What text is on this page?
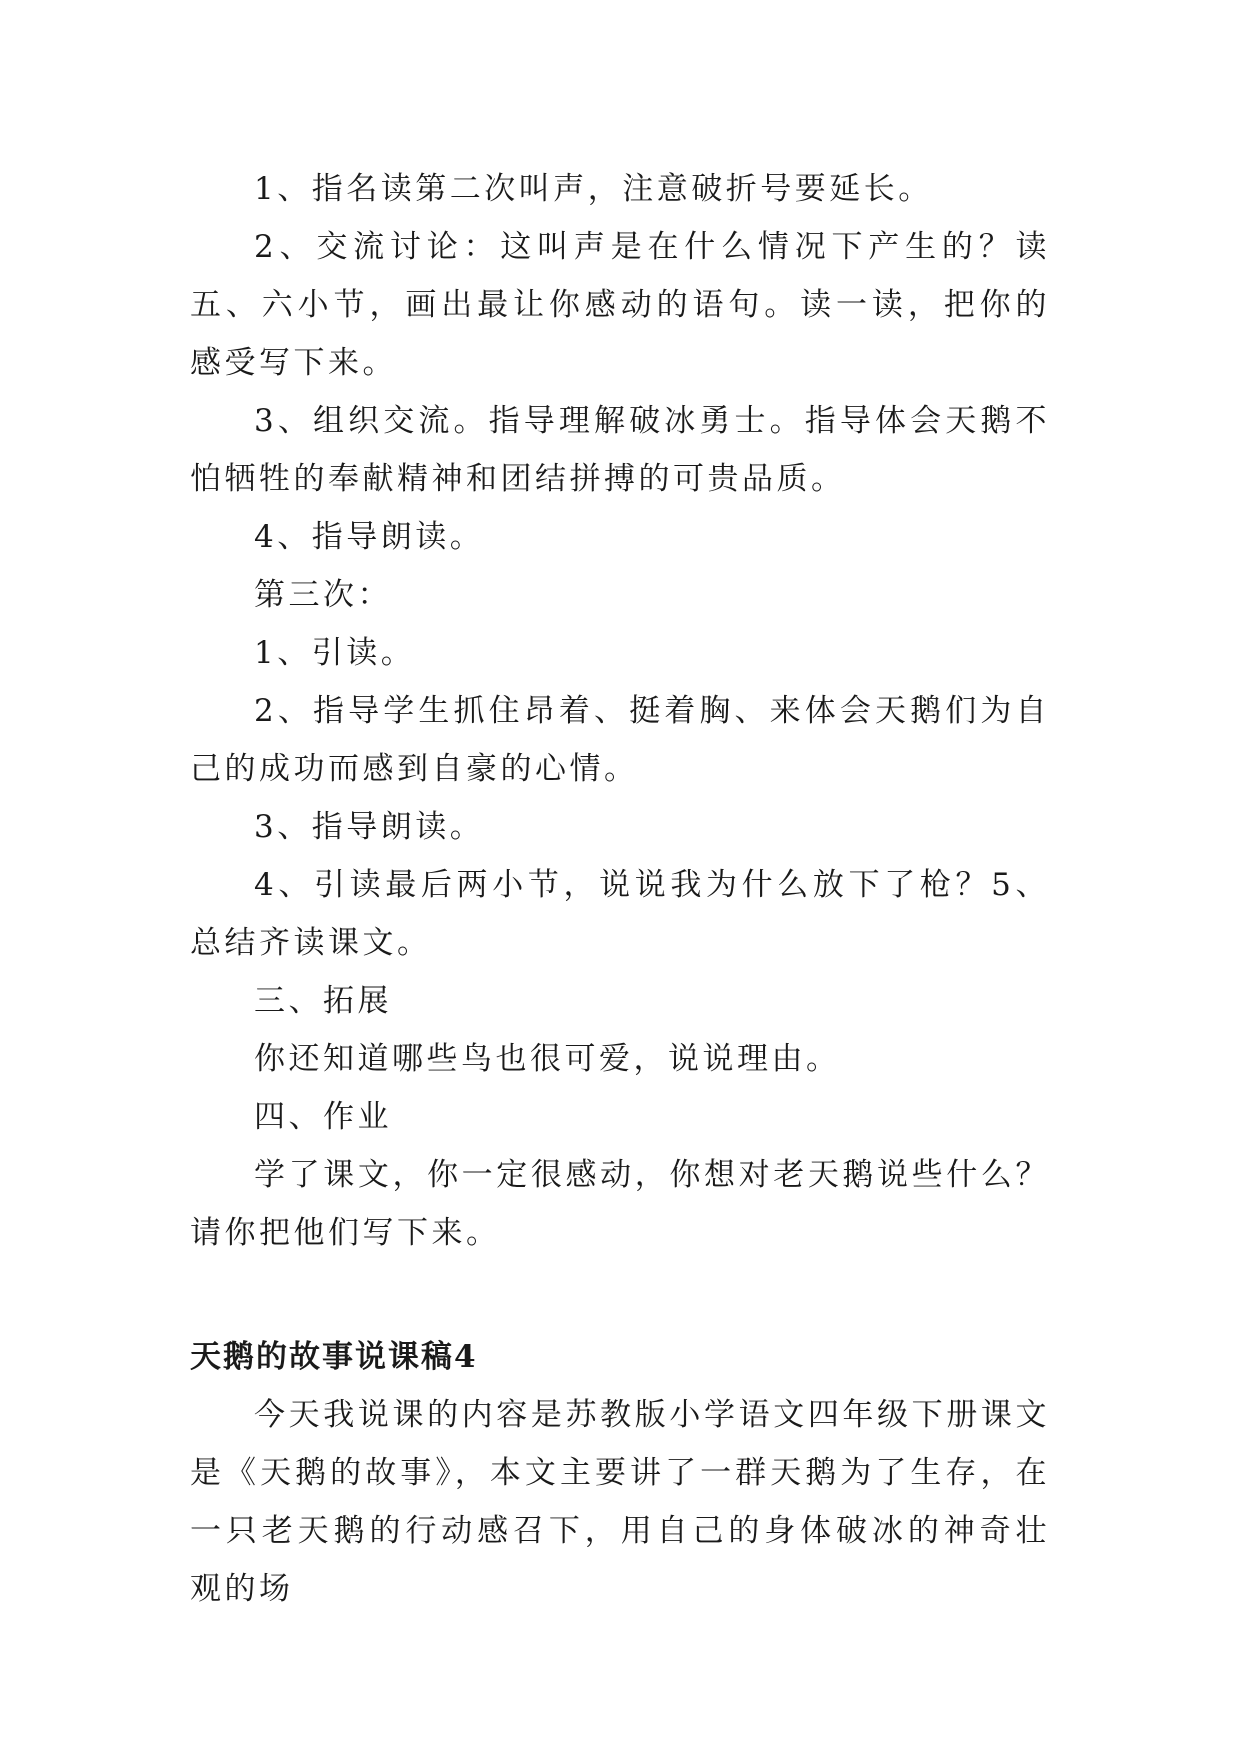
1、指名读第二次叫声，注意破折号要延长。

2、交流讨论：这叫声是在什么情况下产生的？读五、六小节，画出最让你感动的语句。读一读，把你的感受写下来。

3、组织交流。指导理解破冰勇士。指导体会天鹅不怕牺牲的奉献精神和团结拼搏的可贵品质。

4、指导朗读。

第三次：

1、引读。

2、指导学生抓住昂着、挺着胸、来体会天鹅们为自己的成功而感到自豪的心情。

3、指导朗读。

4、引读最后两小节，说说我为什么放下了枪？5、总结齐读课文。

三、拓展

你还知道哪些鸟也很可爱，说说理由。

四、作业

学了课文，你一定很感动，你想对老天鹅说些什么？请你把他们写下来。

天鹅的故事说课稿4

今天我说课的内容是苏教版小学语文四年级下册课文是《天鹅的故事》，本文主要讲了一群天鹅为了生存，在一只老天鹅的行动感召下，用自己的身体破冰的神奇壮观的场
